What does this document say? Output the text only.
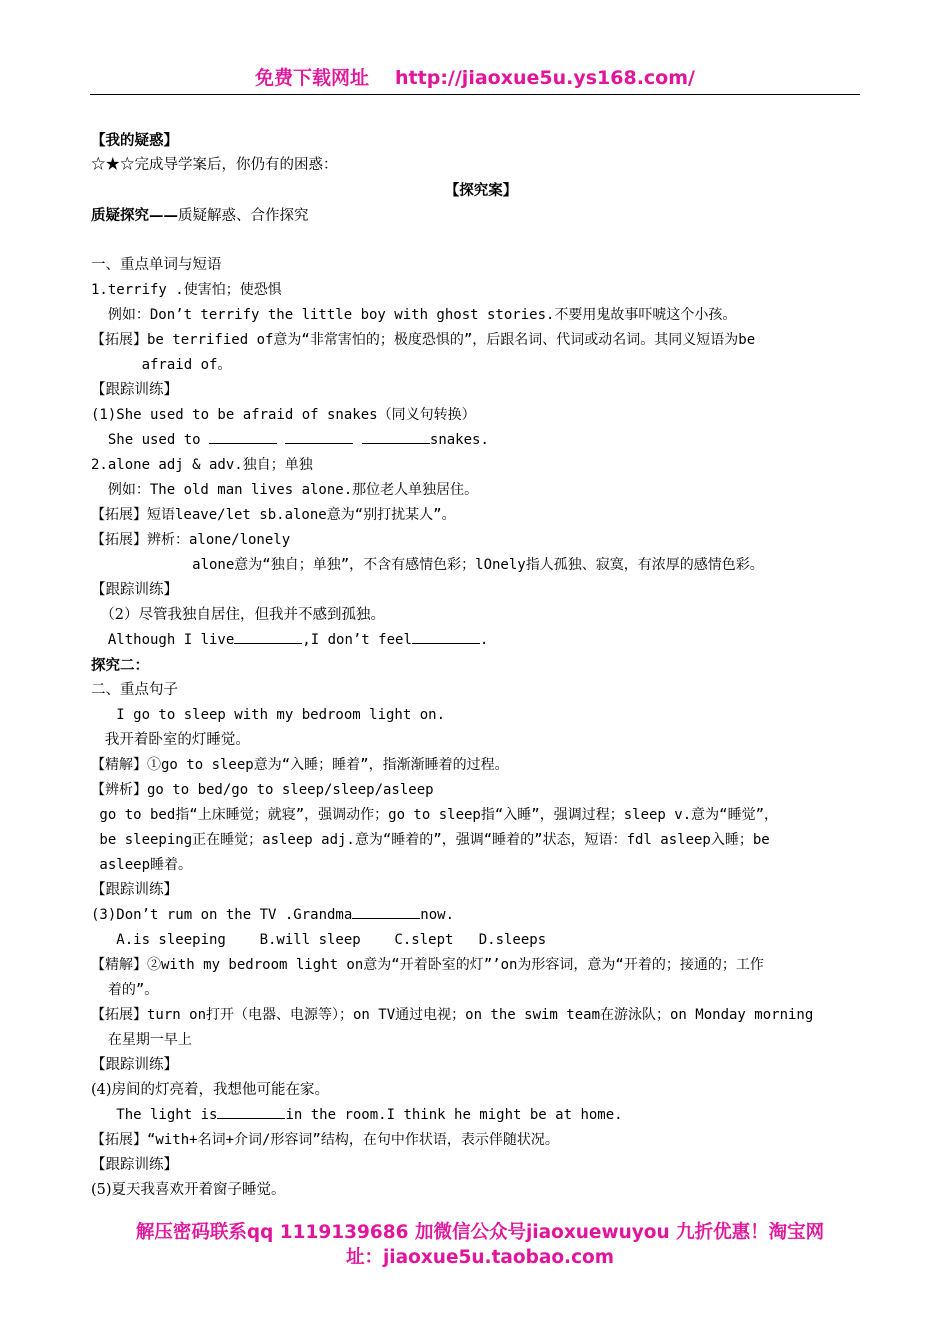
免费下载网址 http://jiaoxue5u.ys168.com/
【我的疑惑】
☆★☆完成导学案后，你仍有的困惑：
【探究案】
质疑探究——质疑解惑、合作探究
一、重点单词与短语
1.terrify .使害怕；使恐惧
例如：Don’t terrify the little boy with ghost stories.不要用鬼故事吓唬这个小孩。
【拓展】be terrified of意为“非常害怕的；极度恐惧的”，后跟名词、代词或动名词。其同义短语为be
afraid of。
【跟踪训练】
(1)She used to be afraid of snakes（同义句转换）
She used to	snakes.
2.alone adj & adv.独自；单独
例如：The old man lives alone.那位老人单独居住。
【拓展】短语leave/let sb.alone意为“别打扰某人”。
【拓展】辨析：alone/lonely
alone意为“独自；单独”，不含有感情色彩；lOnely指人孤独、寂寞，有浓厚的感情色彩。
【跟踪训练】
（2）尽管我独自居住，但我并不感到孤独。
Although I live	,I don’t feel	.
探究二：
二、重点句子
I go to sleep with my bedroom light on.
我开着卧室的灯睡觉。
【精解】①go to sleep意为“入睡；睡着”，指渐渐睡着的过程。
【辨析】go to bed/go to sleep/sleep/asleep
go to bed指“上床睡觉；就寝”，强调动作；go to sleep指“入睡”，强调过程；sleep v.意为“睡觉”，
be sleeping正在睡觉；asleep adj.意为“睡着的”，强调“睡着的”状态，短语：fdl asleep入睡；be
asleep睡着。
【跟踪训练】
(3)Don’t rum on the TV .Grandma	now.
A.is sleeping    B.will sleep    C.slept   D.sleeps
【精解】②with my bedroom light on意为“开着卧室的灯”’on为形容词，意为“开着的；接通的；工作
着的”。
【拓展】turn on打开（电器、电源等）；on TV通过电视；on the swim team在游泳队；on Monday morning
在星期一早上
【跟踪训练】
(4)房间的灯亮着，我想他可能在家。
The light is	in the room.I think he might be at home.
【拓展】“with+名词+介词/形容词”结构，在句中作状语，表示伴随状况。
【跟踪训练】
(5)夏天我喜欢开着窗子睡觉。
解压密码联系qq 1119139686 加微信公众号jiaoxuewuyou 九折优惠！淘宝网
址：jiaoxue5u.taobao.com
